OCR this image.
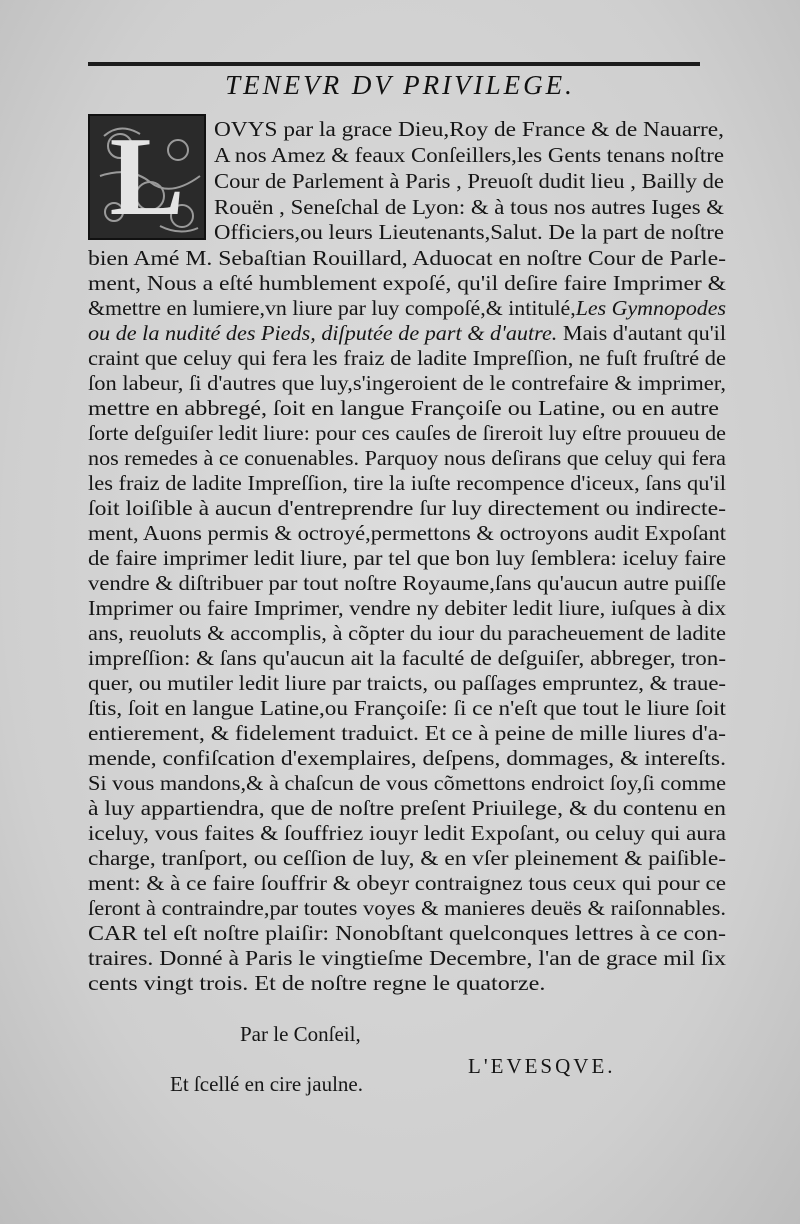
TENEVR DV PRIVILEGE.
L	OVYS par la grace Dieu,Roy de France & de Nauarre,
A nos Amez & feaux Conſeillers,les Gents tenans noſtre
Cour de Parlement à Paris , Preuoſt dudit lieu , Bailly de
Rouën , Seneſchal de Lyon: & à tous nos autres Iuges &
Officiers,ou leurs Lieutenants,Salut. De la part de noſtre
bien Amé M. Sebaſtian Rouillard, Aduocat en noſtre Cour de Parle-
ment, Nous a eſté humblement expoſé, qu'il deſire faire Imprimer &
&mettre en lumiere,vn liure par luy compoſé,& intitulé,Les Gymnopodes
ou de la nudité des Pieds, diſputée de part & d'autre. Mais d'autant qu'il
craint que celuy qui fera les fraiz de ladite Impreſſion, ne fuſt fruſtré de
ſon labeur, ſi d'autres que luy,s'ingeroient de le contrefaire & imprimer,
mettre en abbregé, ſoit en langue Françoiſe ou Latine, ou en autre
ſorte deſguiſer ledit liure: pour ces cauſes de ſireroit luy eſtre prouueu de
nos remedes à ce conuenables. Parquoy nous deſirans que celuy qui fera
les fraiz de ladite Impreſſion, tire la iuſte recompence d'iceux, ſans qu'il
ſoit loiſible à aucun d'entreprendre ſur luy directement ou indirecte-
ment, Auons permis & octroyé,permettons & octroyons audit Expoſant
de faire imprimer ledit liure, par tel que bon luy ſemblera: iceluy faire
vendre & diſtribuer par tout noſtre Royaume,ſans qu'aucun autre puiſſe
Imprimer ou faire Imprimer, vendre ny debiter ledit liure, iuſques à dix
ans, reuoluts & accomplis, à cõpter du iour du paracheuement de ladite
impreſſion: & ſans qu'aucun ait la faculté de deſguiſer, abbreger, tron-
quer, ou mutiler ledit liure par traicts, ou paſſages empruntez, & traue-
ſtis, ſoit en langue Latine,ou Françoiſe: ſi ce n'eſt que tout le liure ſoit
entierement, & fidelement traduict. Et ce à peine de mille liures d'a-
mende, confiſcation d'exemplaires, deſpens, dommages, & intereſts.
Si vous mandons,& à chaſcun de vous cõmettons endroict ſoy,ſi comme
à luy appartiendra, que de noſtre preſent Priuilege, & du contenu en
iceluy, vous faites & ſouffriez iouyr ledit Expoſant, ou celuy qui aura
charge, tranſport, ou ceſſion de luy, & en vſer pleinement & paiſible-
ment: & à ce faire ſouffrir & obeyr contraignez tous ceux qui pour ce
ſeront à contraindre,par toutes voyes & manieres deuës & raiſonnables.
CAR tel eſt noſtre plaiſir: Nonobſtant quelconques lettres à ce con-
traires. Donné à Paris le vingtieſme Decembre, l'an de grace mil ſix
cents vingt trois. Et de noſtre regne le quatorze.
Par le Conſeil,
L'EVESQVE.
Et ſcellé en cire jaulne.
